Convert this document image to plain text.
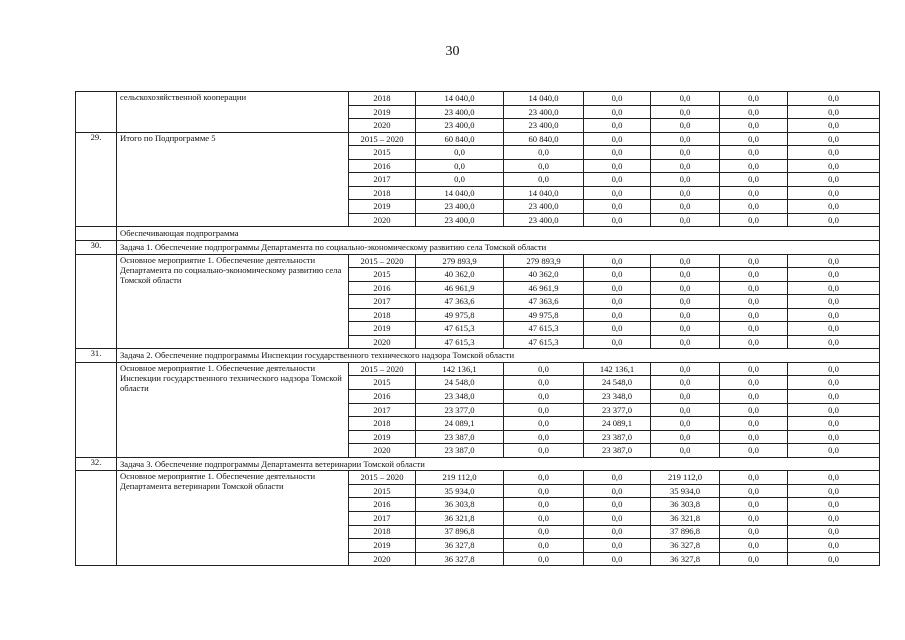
30
	сельскохозяйственной кооперации	2018	14 040,0	14 040,0	0,0	0,0	0,0	0,0
		2019	23 400,0	23 400,0	0,0	0,0	0,0	0,0
		2020	23 400,0	23 400,0	0,0	0,0	0,0	0,0
29.	Итого по Подпрограмме 5	2015 – 2020	60 840,0	60 840,0	0,0	0,0	0,0	0,0
		2015	0,0	0,0	0,0	0,0	0,0	0,0
		2016	0,0	0,0	0,0	0,0	0,0	0,0
		2017	0,0	0,0	0,0	0,0	0,0	0,0
		2018	14 040,0	14 040,0	0,0	0,0	0,0	0,0
		2019	23 400,0	23 400,0	0,0	0,0	0,0	0,0
		2020	23 400,0	23 400,0	0,0	0,0	0,0	0,0
	Обеспечивающая подпрограмма							
30.	Задача 1. Обеспечение подпрограммы Департамента по социально-экономическому развитию села Томской области							
	Основное мероприятие 1. Обеспечение деятельности Департамента по социально-экономическому развитию села Томской области	2015 – 2020	279 893,9	279 893,9	0,0	0,0	0,0	0,0
		2015	40 362,0	40 362,0	0,0	0,0	0,0	0,0
		2016	46 961,9	46 961,9	0,0	0,0	0,0	0,0
		2017	47 363,6	47 363,6	0,0	0,0	0,0	0,0
		2018	49 975,8	49 975,8	0,0	0,0	0,0	0,0
		2019	47 615,3	47 615,3	0,0	0,0	0,0	0,0
		2020	47 615,3	47 615,3	0,0	0,0	0,0	0,0
31.	Задача 2. Обеспечение подпрограммы Инспекции государственного технического надзора Томской области							
	Основное мероприятие 1. Обеспечение деятельности Инспекции государственного технического надзора Томской области	2015 – 2020	142 136,1	0,0	142 136,1	0,0	0,0	0,0
		2015	24 548,0	0,0	24 548,0	0,0	0,0	0,0
		2016	23 348,0	0,0	23 348,0	0,0	0,0	0,0
		2017	23 377,0	0,0	23 377,0	0,0	0,0	0,0
		2018	24 089,1	0,0	24 089,1	0,0	0,0	0,0
		2019	23 387,0	0,0	23 387,0	0,0	0,0	0,0
		2020	23 387,0	0,0	23 387,0	0,0	0,0	0,0
32.	Задача 3. Обеспечение подпрограммы Департамента ветеринарии Томской области							
	Основное мероприятие 1. Обеспечение деятельности Департамента ветеринарии Томской области	2015 – 2020	219 112,0	0,0	0,0	219 112,0	0,0	0,0
		2015	35 934,0	0,0	0,0	35 934,0	0,0	0,0
		2016	36 303,8	0,0	0,0	36 303,8	0,0	0,0
		2017	36 321,8	0,0	0,0	36 321,8	0,0	0,0
		2018	37 896,8	0,0	0,0	37 896,8	0,0	0,0
		2019	36 327,8	0,0	0,0	36 327,8	0,0	0,0
		2020	36 327,8	0,0	0,0	36 327,8	0,0	0,0
